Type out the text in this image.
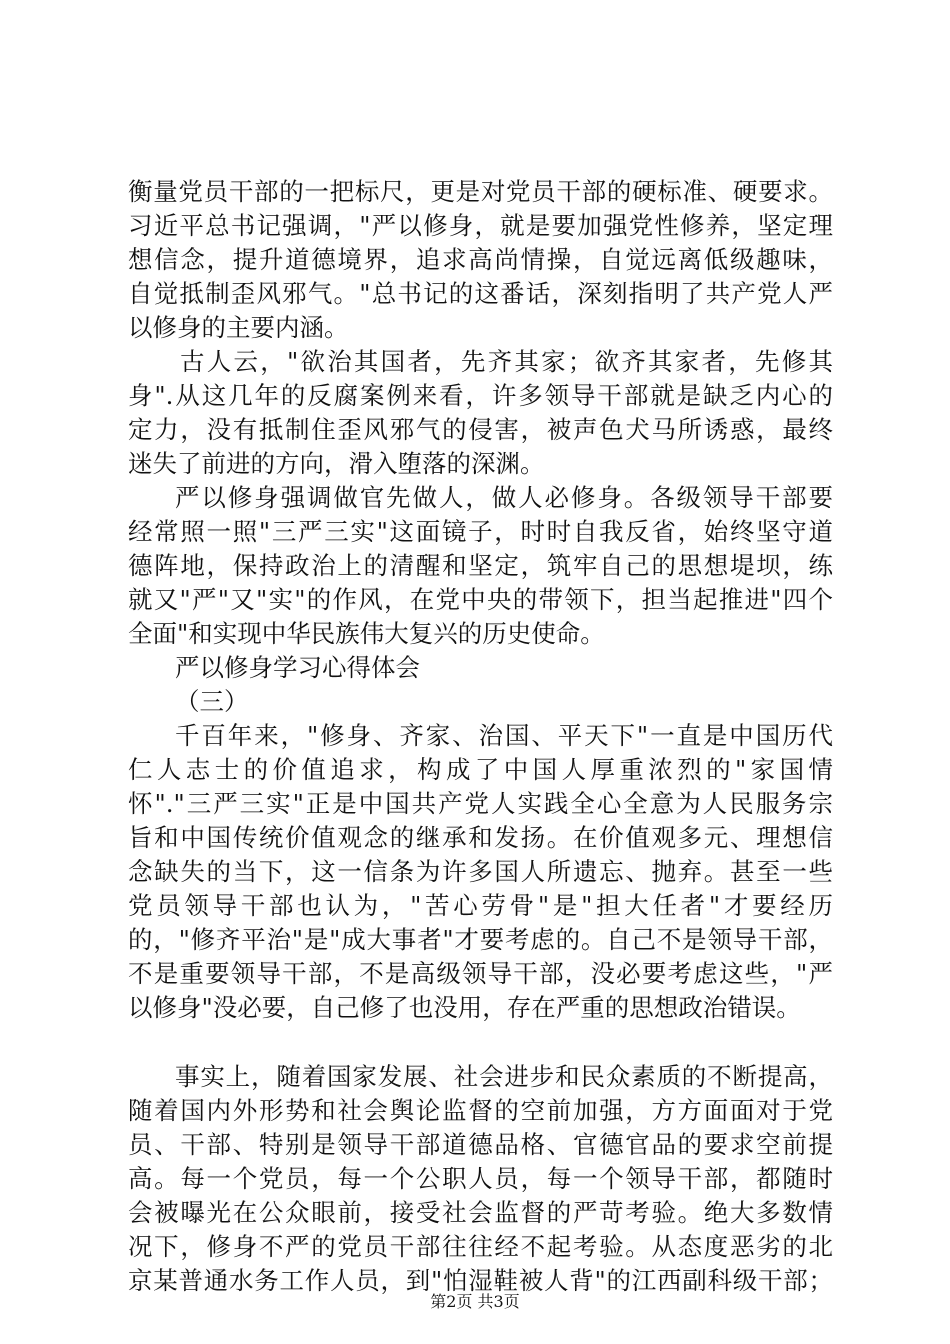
衡量党员干部的一把标尺，更是对党员干部的硬标准、硬要求。
习近平总书记强调，"严以修身，就是要加强党性修养，坚定理
想信念，提升道德境界，追求高尚情操，自觉远离低级趣味，
自觉抵制歪风邪气。"总书记的这番话，深刻指明了共产党人严
以修身的主要内涵。
古人云，"欲治其国者，先齐其家；欲齐其家者，先修其
身".从这几年的反腐案例来看，许多领导干部就是缺乏内心的
定力，没有抵制住歪风邪气的侵害，被声色犬马所诱惑，最终
迷失了前进的方向，滑入堕落的深渊。
严以修身强调做官先做人，做人必修身。各级领导干部要
经常照一照"三严三实"这面镜子，时时自我反省，始终坚守道
德阵地，保持政治上的清醒和坚定，筑牢自己的思想堤坝，练
就又"严"又"实"的作风，在党中央的带领下，担当起推进"四个
全面"和实现中华民族伟大复兴的历史使命。
严以修身学习心得体会
（三）
千百年来，"修身、齐家、治国、平天下"一直是中国历代
仁人志士的价值追求，构成了中国人厚重浓烈的"家国情
怀"."三严三实"正是中国共产党人实践全心全意为人民服务宗
旨和中国传统价值观念的继承和发扬。在价值观多元、理想信
念缺失的当下，这一信条为许多国人所遗忘、抛弃。甚至一些
党员领导干部也认为，"苦心劳骨"是"担大任者"才要经历
的，"修齐平治"是"成大事者"才要考虑的。自己不是领导干部，
不是重要领导干部，不是高级领导干部，没必要考虑这些，"严
以修身"没必要，自己修了也没用，存在严重的思想政治错误。
事实上，随着国家发展、社会进步和民众素质的不断提高，
随着国内外形势和社会舆论监督的空前加强，方方面面对于党
员、干部、特别是领导干部道德品格、官德官品的要求空前提
高。每一个党员，每一个公职人员，每一个领导干部，都随时
会被曝光在公众眼前，接受社会监督的严苛考验。绝大多数情
况下，修身不严的党员干部往往经不起考验。从态度恶劣的北
京某普通水务工作人员，到"怕湿鞋被人背"的江西副科级干部；
第2页 共3页
